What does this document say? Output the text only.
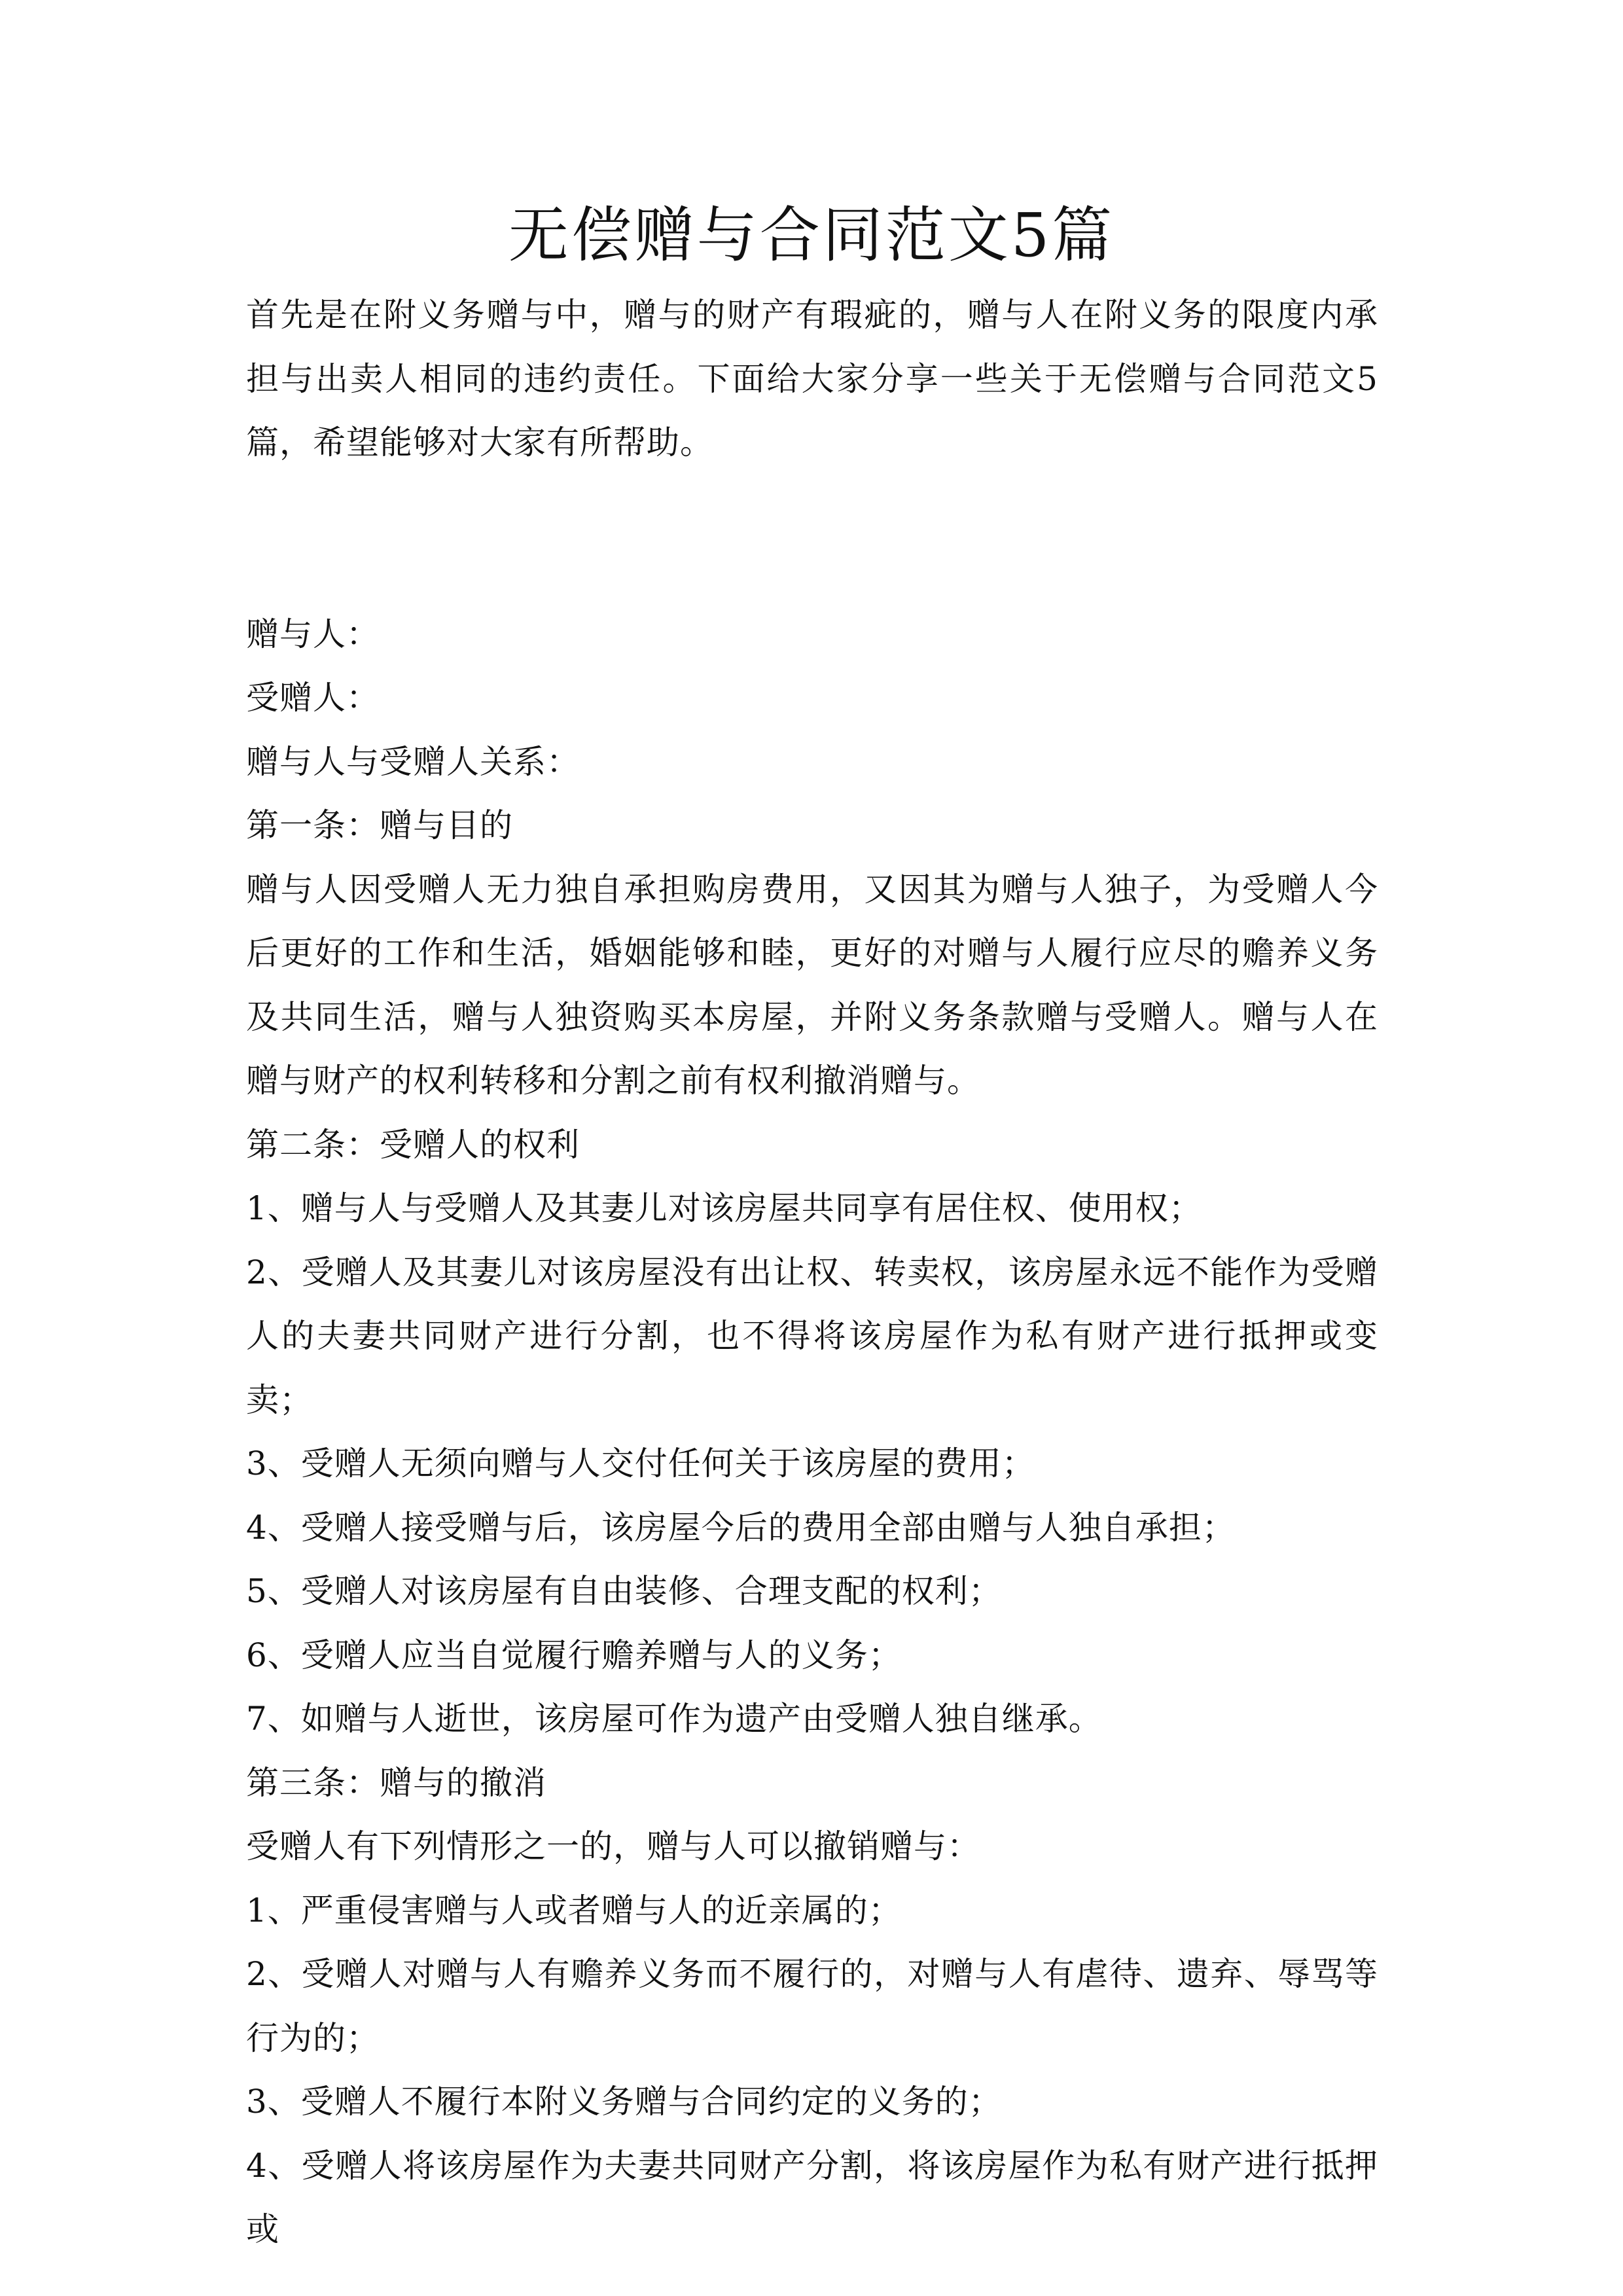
无偿赠与合同范文5篇

首先是在附义务赠与中，赠与的财产有瑕疵的，赠与人在附义务的限度内承担与出卖人相同的违约责任。下面给大家分享一些关于无偿赠与合同范文5篇，希望能够对大家有所帮助。

赠与人：

受赠人：

赠与人与受赠人关系：

第一条：赠与目的

赠与人因受赠人无力独自承担购房费用，又因其为赠与人独子，为受赠人今后更好的工作和生活，婚姻能够和睦，更好的对赠与人履行应尽的赡养义务及共同生活，赠与人独资购买本房屋，并附义务条款赠与受赠人。赠与人在赠与财产的权利转移和分割之前有权利撤消赠与。

第二条：受赠人的权利

1、赠与人与受赠人及其妻儿对该房屋共同享有居住权、使用权；

2、受赠人及其妻儿对该房屋没有出让权、转卖权，该房屋永远不能作为受赠人的夫妻共同财产进行分割，也不得将该房屋作为私有财产进行抵押或变卖；

3、受赠人无须向赠与人交付任何关于该房屋的费用；

4、受赠人接受赠与后，该房屋今后的费用全部由赠与人独自承担；

5、受赠人对该房屋有自由装修、合理支配的权利；

6、受赠人应当自觉履行赡养赠与人的义务；

7、如赠与人逝世，该房屋可作为遗产由受赠人独自继承。

第三条：赠与的撤消

受赠人有下列情形之一的，赠与人可以撤销赠与：

1、严重侵害赠与人或者赠与人的近亲属的；

2、受赠人对赠与人有赡养义务而不履行的，对赠与人有虐待、遗弃、辱骂等行为的；

3、受赠人不履行本附义务赠与合同约定的义务的；

4、受赠人将该房屋作为夫妻共同财产分割，将该房屋作为私有财产进行抵押或
